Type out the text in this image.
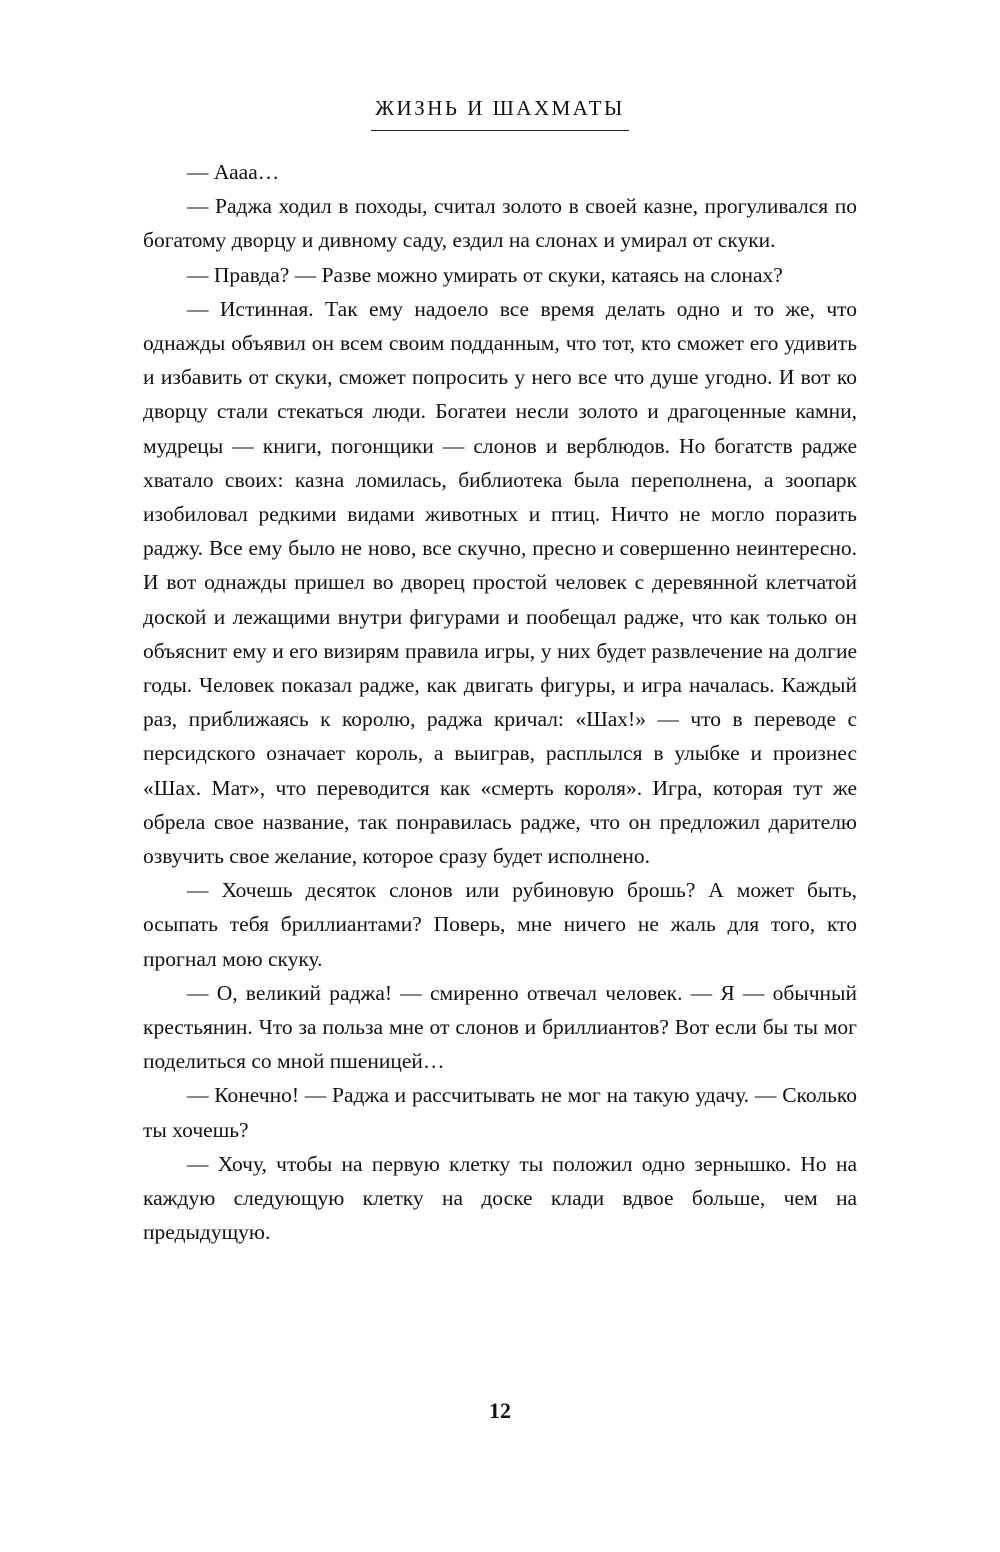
ЖИЗНЬ И ШАХМАТЫ

— Аааа…

— Раджа ходил в походы, считал золото в своей казне, прогуливался по богатому дворцу и дивному саду, ездил на слонах и умирал от скуки.

— Правда? — Разве можно умирать от скуки, катаясь на слонах?

— Истинная. Так ему надоело все время делать одно и то же, что однажды объявил он всем своим подданным, что тот, кто сможет его удивить и избавить от скуки, сможет попросить у него все что душе угодно. И вот ко дворцу стали стекаться люди. Богатеи несли золото и драгоценные камни, мудрецы — книги, погонщики — слонов и верблюдов. Но богатств радже хватало своих: казна ломилась, библиотека была переполнена, а зоопарк изобиловал редкими видами животных и птиц. Ничто не могло поразить раджу. Все ему было не ново, все скучно, пресно и совершенно неинтересно. И вот однажды пришел во дворец простой человек с деревянной клетчатой доской и лежащими внутри фигурами и пообещал радже, что как только он объяснит ему и его визирям правила игры, у них будет развлечение на долгие годы. Человек показал радже, как двигать фигуры, и игра началась. Каждый раз, приближаясь к королю, раджа кричал: «Шах!» — что в переводе с персидского означает король, а выиграв, расплылся в улыбке и произнес «Шах. Мат», что переводится как «смерть короля». Игра, которая тут же обрела свое название, так понравилась радже, что он предложил дарителю озвучить свое желание, которое сразу будет исполнено.

— Хочешь десяток слонов или рубиновую брошь? А может быть, осыпать тебя бриллиантами? Поверь, мне ничего не жаль для того, кто прогнал мою скуку.

— О, великий раджа! — смиренно отвечал человек. — Я — обычный крестьянин. Что за польза мне от слонов и бриллиантов? Вот если бы ты мог поделиться со мной пшеницей…

— Конечно! — Раджа и рассчитывать не мог на такую удачу. — Сколько ты хочешь?

— Хочу, чтобы на первую клетку ты положил одно зернышко. Но на каждую следующую клетку на доске клади вдвое больше, чем на предыдущую.

12
